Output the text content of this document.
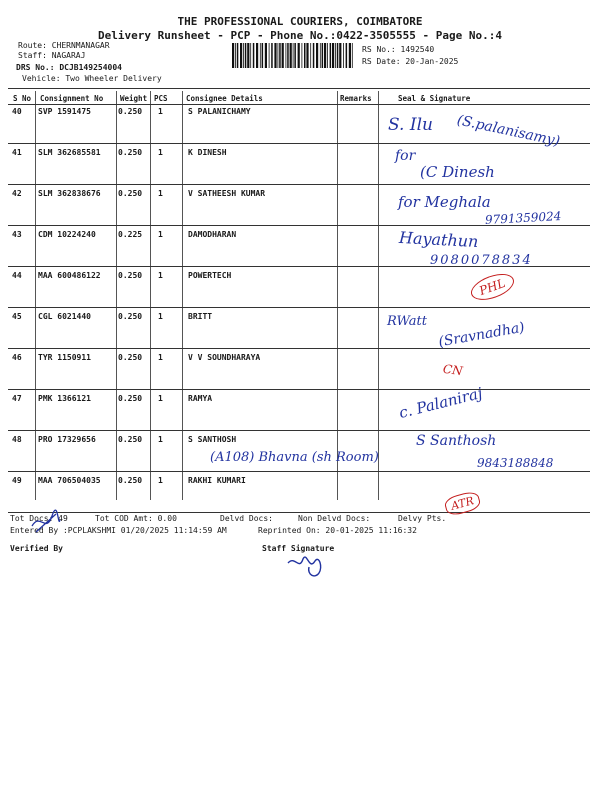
THE PROFESSIONAL COURIERS, COIMBATORE
Delivery Runsheet - PCP - Phone No.:0422-3505555 - Page No.:4
Route: CHERNMANAGAR
Staff: NAGARAJ
DRS No.: DCJB149254004
Vehicle: Two Wheeler Delivery
RS No.: 1492540
RS Date: 20-Jan-2025
S No Consignment No Weight PCS Consignee Details	Remarks	Seal & Signature
40 SVP 1591475	0.250 1	S PALANICHAMY
41 SLM 362685581 0.250 1	K DINESH
42 SLM 362838676 0.250 1	V SATHEESH KUMAR
43 CDM 10224240	0.225 1	DAMODHARAN
44 MAA 600486122 0.250 1	POWERTECH
45 CGL 6021440	0.250 1	BRITT
46 TYR 1150911	0.250 1	V V SOUNDHARAYA
47 PMK 1366121	0.250 1	RAMYA
48 PRO 17329656	0.250 1	S SANTHOSH
49 MAA 706504035 0.250 1	RAKHI KUMARI
S. Ilu (S.palanisamy)
for
(C Dinesh
for Meghala
9791359024
Hayathun
9080078834
PHL
RWatt (Sravnadha)
CN
c. Palaniraj
S Santhosh
9843188848
(A108) Bhavna (sh Room)
ATR
Tot Docs: 49	Tot COD Amt: 0.00	Delvd Docs:	Non Delvd Docs:	Delvy Pts.
Entered By :PCPLAKSHMI 01/20/2025 11:14:59 AM	Reprinted On: 20-01-2025 11:16:32
Verified By	Staff Signature
